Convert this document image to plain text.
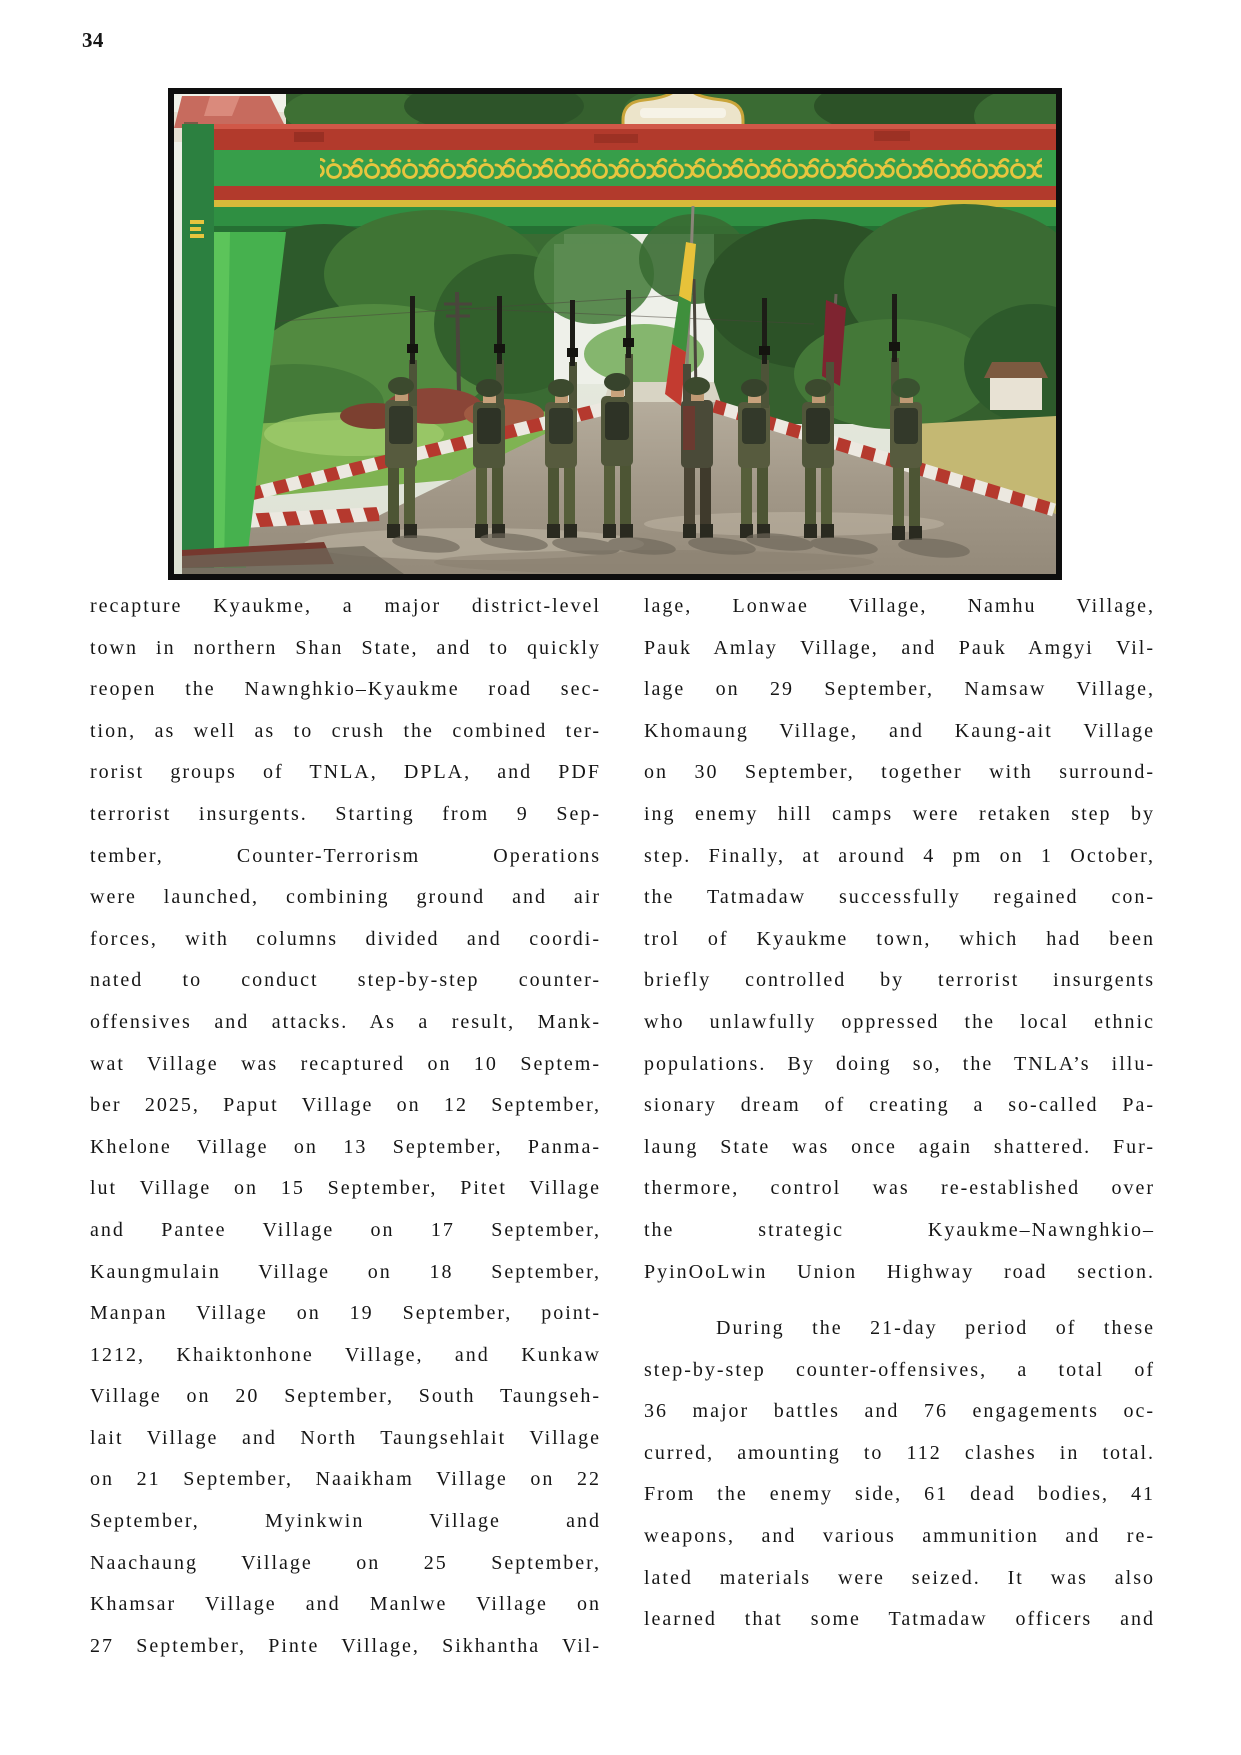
34
recapture Kyaukme, a major district-level
town in northern Shan State, and to quickly
reopen the Nawnghkio–Kyaukme road sec-
tion, as well as to crush the combined ter-
rorist groups of TNLA, DPLA, and PDF
terrorist insurgents. Starting from 9 Sep-
tember, Counter-Terrorism Operations
were launched, combining ground and air
forces, with columns divided and coordi-
nated to conduct step-by-step counter-
offensives and attacks. As a result, Mank-
wat Village was recaptured on 10 Septem-
ber 2025, Paput Village on 12 September,
Khelone Village on 13 September, Panma-
lut Village on 15 September, Pitet Village
and Pantee Village on 17 September,
Kaungmulain Village on 18 September,
Manpan Village on 19 September, point-
1212, Khaiktonhone Village, and Kunkaw
Village on 20 September, South Taungseh-
lait Village and North Taungsehlait Village
on 21 September, Naaikham Village on 22
September, Myinkwin Village and
Naachaung Village on 25 September,
Khamsar Village and Manlwe Village on
27 September, Pinte Village, Sikhantha Vil-
lage, Lonwae Village, Namhu Village,
Pauk Amlay Village, and Pauk Amgyi Vil-
lage on 29 September, Namsaw Village,
Khomaung Village, and Kaung-ait Village
on 30 September, together with surround-
ing enemy hill camps were retaken step by
step. Finally, at around 4 pm on 1 October,
the Tatmadaw successfully regained con-
trol of Kyaukme town, which had been
briefly controlled by terrorist insurgents
who unlawfully oppressed the local ethnic
populations. By doing so, the TNLA’s illu-
sionary dream of creating a so-called Pa-
laung State was once again shattered. Fur-
thermore, control was re-established over
the strategic Kyaukme–Nawnghkio–
PyinOoLwin Union Highway road section.
During the 21-day period of these
step-by-step counter-offensives, a total of
36 major battles and 76 engagements oc-
curred, amounting to 112 clashes in total.
From the enemy side, 61 dead bodies, 41
weapons, and various ammunition and re-
lated materials were seized. It was also
learned that some Tatmadaw officers and
